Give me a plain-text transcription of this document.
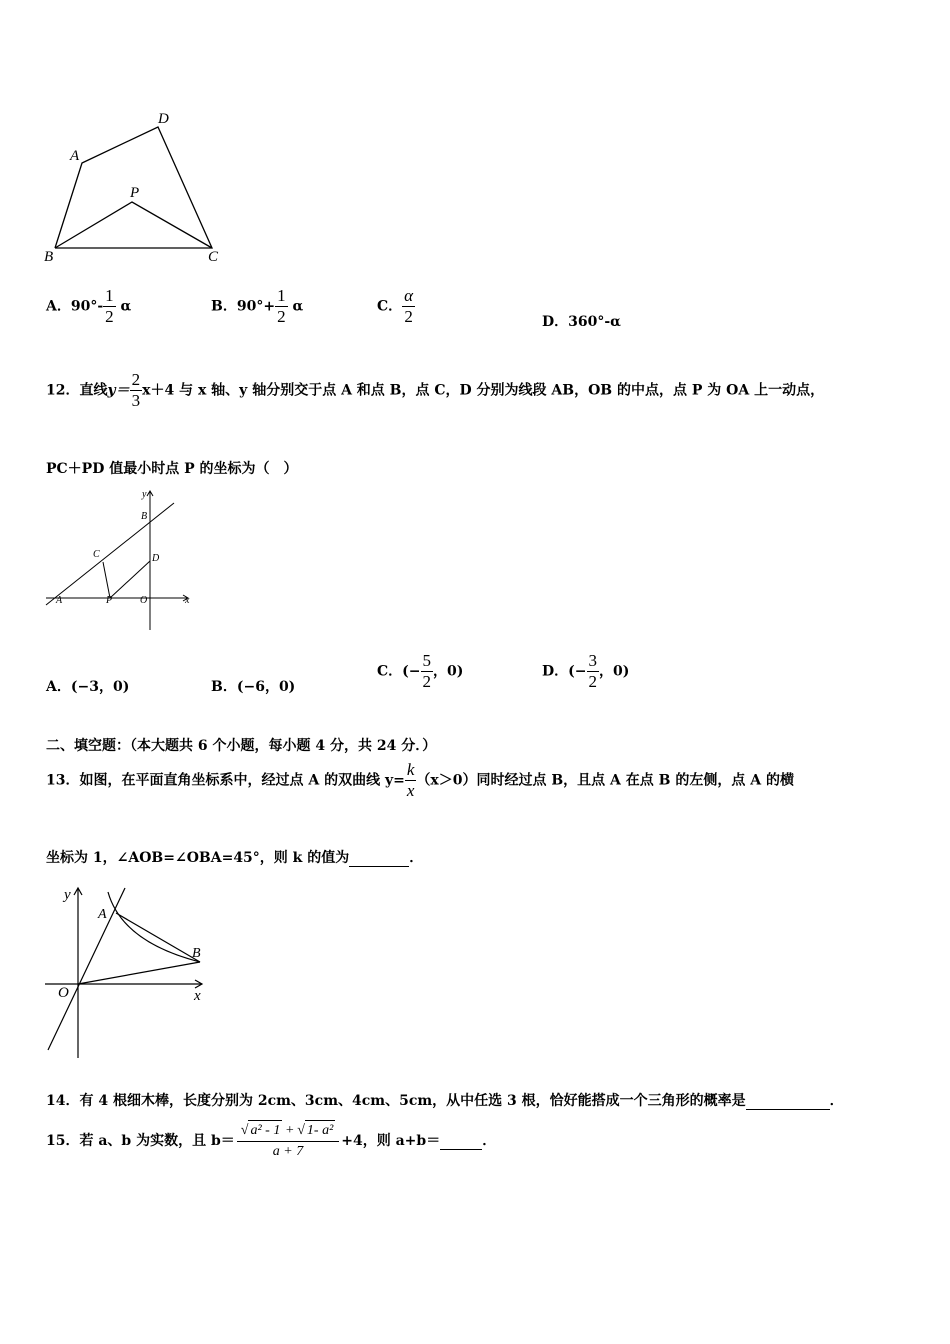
A
D
P
B	C
A．$90^\circ- \frac{1}{2}$ α	B．$90^\circ+ \frac{1}{2}$ α	C． $\frac{\alpha}{2}$	D．360°-α
12．直线$y= \frac{2}{3} x+4$ 与 x 轴、y 轴分别交于点 A 和点 B，点 C，D 分别为线段 AB，OB 的中点，点 P 为 OA 上一动点，
PC＋PD 值最小时点 P 的坐标为（　）
y
B
C	D
A	P	O	x
A．(−3，0)	B．(−6，0)
C．(− $\frac{5}{2}$ ，0)	D．(− $\frac{3}{2}$ ，0)
二、填空题：（本大题共 6 个小题，每小题 4 分，共 24 分．）
13．如图，在平面直角坐标系中，经过点 A 的双曲线 $y= \frac{k}{x} (x>0)$同时经过点 B，且点 A 在点 B 的左侧，点 A 的横
坐标为 1，∠AOB=∠OBA=45°，则 k 的值为	．
y
A
B
O	x
14．有 4 根细木棒，长度分别为 2cm、3cm、4cm、5cm，从中任选 3 根，恰好能搭成一个三角形的概率是	．
15．若 a、b 为实数，且 $b= \frac{\text{√ a² - 1 + √ 1- a²}}{a + 7} +4$，则 a+b＝	．
